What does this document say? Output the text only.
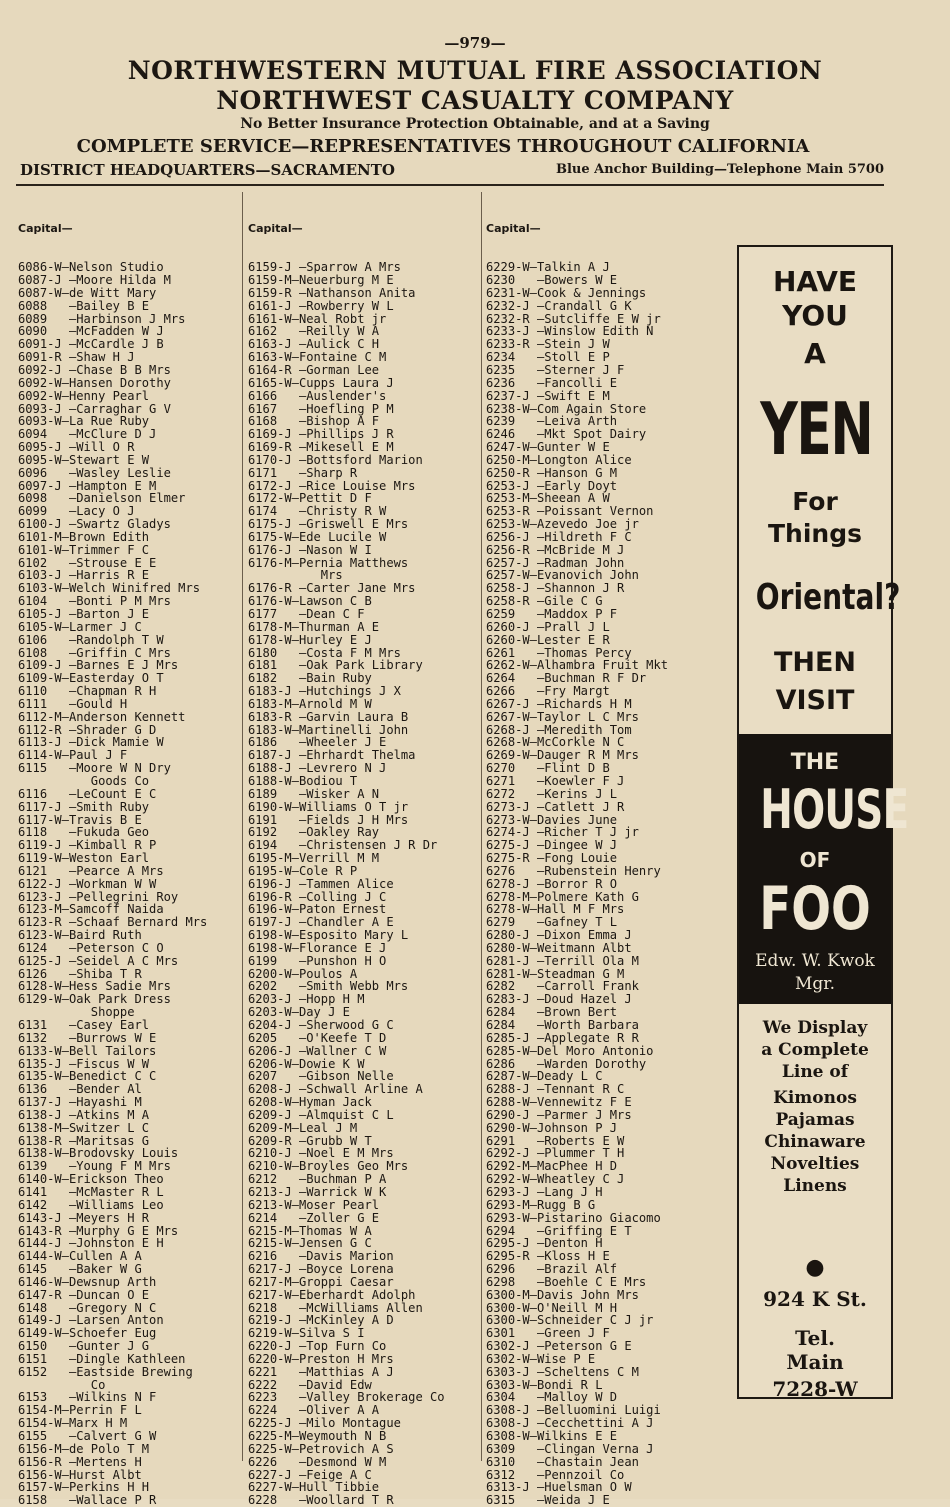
—979—
NORTHWESTERN MUTUAL FIRE ASSOCIATION
NORTHWEST CASUALTY COMPANY
No Better Insurance Protection Obtainable, and at a Saving
COMPLETE SERVICE—REPRESENTATIVES THROUGHOUT CALIFORNIA
DISTRICT HEADQUARTERS—SACRAMENTO	Blue Anchor Building—Telephone Main 5700

Capital—

6086-W—Nelson Studio
6087-J —Moore Hilda M
6087-W—de Witt Mary
6088   —Bailey B E
6089   —Harbinson J Mrs
6090   —McFadden W J
6091-J —McCardle J B
6091-R —Shaw H J
6092-J —Chase B B Mrs
6092-W—Hansen Dorothy
6092-W—Henny Pearl
6093-J —Carraghar G V
6093-W—La Rue Ruby
6094   —McClure D J
6095-J —Will O R
6095-W—Stewart E W
6096   —Wasley Leslie
6097-J —Hampton E M
6098   —Danielson Elmer
6099   —Lacy O J
6100-J —Swartz Gladys
6101-M—Brown Edith
6101-W—Trimmer F C
6102   —Strouse E E
6103-J —Harris R E
6103-W—Welch Winifred Mrs
6104   —Bonti P M Mrs
6105-J —Barton J E
6105-W—Larmer J C
6106   —Randolph T W
6108   —Griffin C Mrs
6109-J —Barnes E J Mrs
6109-W—Easterday O T
6110   —Chapman R H
6111   —Gould H
6112-M—Anderson Kennett
6112-R —Shrader G D
6113-J —Dick Mamie W
6114-W—Paul J F
6115   —Moore W N Dry
Goods Co
6116   —LeCount E C
6117-J —Smith Ruby
6117-W—Travis B E
6118   —Fukuda Geo
6119-J —Kimball R P
6119-W—Weston Earl
6121   —Pearce A Mrs
6122-J —Workman W W
6123-J —Pellegrini Roy
6123-M—Samcoff Naida
6123-R —Schaaf Bernard Mrs
6123-W—Baird Ruth
6124   —Peterson C O
6125-J —Seidel A C Mrs
6126   —Shiba T R
6128-W—Hess Sadie Mrs
6129-W—Oak Park Dress
Shoppe
6131   —Casey Earl
6132   —Burrows W E
6133-W—Bell Tailors
6135-J —Fiscus W W
6135-W—Benedict C C
6136   —Bender Al
6137-J —Hayashi M
6138-J —Atkins M A
6138-M—Switzer L C
6138-R —Maritsas G
6138-W—Brodovsky Louis
6139   —Young F M Mrs
6140-W—Erickson Theo
6141   —McMaster R L
6142   —Williams Leo
6143-J —Meyers H R
6143-R —Murphy G E Mrs
6144-J —Johnston E H
6144-W—Cullen A A
6145   —Baker W G
6146-W—Dewsnup Arth
6147-R —Duncan O E
6148   —Gregory N C
6149-J —Larsen Anton
6149-W—Schoefer Eug
6150   —Gunter J G
6151   —Dingle Kathleen
6152   —Eastside Brewing
Co
6153   —Wilkins N F
6154-M—Perrin F L
6154-W—Marx H M
6155   —Calvert G W
6156-M—de Polo T M
6156-R —Mertens H
6156-W—Hurst Albt
6157-W—Perkins H H
6158   —Wallace P R

Capital—

6159-J —Sparrow A Mrs
6159-M—Neuerburg M E
6159-R —Nathanson Anita
6161-J —Rowberry W L
6161-W—Neal Robt jr
6162   —Reilly W A
6163-J —Aulick C H
6163-W—Fontaine C M
6164-R —Gorman Lee
6165-W—Cupps Laura J
6166   —Auslender's
6167   —Hoefling P M
6168   —Bishop A F
6169-J —Phillips J R
6169-R —Mikesell E M
6170-J —Bottsford Marion
6171   —Sharp R
6172-J —Rice Louise Mrs
6172-W—Pettit D F
6174   —Christy R W
6175-J —Griswell E Mrs
6175-W—Ede Lucile W
6176-J —Nason W I
6176-M—Pernia Matthews
Mrs
6176-R —Carter Jane Mrs
6176-W—Lawson C B
6177   —Dean C F
6178-M—Thurman A E
6178-W—Hurley E J
6180   —Costa F M Mrs
6181   —Oak Park Library
6182   —Bain Ruby
6183-J —Hutchings J X
6183-M—Arnold M W
6183-R —Garvin Laura B
6183-W—Martinelli John
6186   —Wheeler J E
6187-J —Ehrhardt Thelma
6188-J —Levrero N J
6188-W—Bodiou T
6189   —Wisker A N
6190-W—Williams O T jr
6191   —Fields J H Mrs
6192   —Oakley Ray
6194   —Christensen J R Dr
6195-M—Verrill M M
6195-W—Cole R P
6196-J —Tammen Alice
6196-R —Colling J C
6196-W—Paton Ernest
6197-J —Chandler A E
6198-W—Esposito Mary L
6198-W—Florance E J
6199   —Punshon H O
6200-W—Poulos A
6202   —Smith Webb Mrs
6203-J —Hopp H M
6203-W—Day J E
6204-J —Sherwood G C
6205   —O'Keefe T D
6206-J —Wallner C W
6206-W—Dowie K W
6207   —Gibson Nelle
6208-J —Schwall Arline A
6208-W—Hyman Jack
6209-J —Almquist C L
6209-M—Leal J M
6209-R —Grubb W T
6210-J —Noel E M Mrs
6210-W—Broyles Geo Mrs
6212   —Buchman P A
6213-J —Warrick W K
6213-W—Moser Pearl
6214   —Zoller G E
6215-M—Thomas W A
6215-W—Jensen G C
6216   —Davis Marion
6217-J —Boyce Lorena
6217-M—Groppi Caesar
6217-W—Eberhardt Adolph
6218   —McWilliams Allen
6219-J —McKinley A D
6219-W—Silva S I
6220-J —Top Furn Co
6220-W—Preston H Mrs
6221   —Matthias A J
6222   —David Edw
6223   —Valley Brokerage Co
6224   —Oliver A A
6225-J —Milo Montague
6225-M—Weymouth N B
6225-W—Petrovich A S
6226   —Desmond W M
6227-J —Feige A C
6227-W—Hull Tibbie
6228   —Woollard T R

Capital—

6229-W—Talkin A J
6230   —Bowers W E
6231-W—Cook & Jennings
6232-J —Crandall G K
6232-R —Sutcliffe E W jr
6233-J —Winslow Edith N
6233-R —Stein J W
6234   —Stoll E P
6235   —Sterner J F
6236   —Fancolli E
6237-J —Swift E M
6238-W—Com Again Store
6239   —Leiva Arth
6246   —Mkt Spot Dairy
6247-W—Gunter W E
6250-M—Longton Alice
6250-R —Hanson G M
6253-J —Early Doyt
6253-M—Sheean A W
6253-R —Poissant Vernon
6253-W—Azevedo Joe jr
6256-J —Hildreth F C
6256-R —McBride M J
6257-J —Radman John
6257-W—Evanovich John
6258-J —Shannon J R
6258-R —Gile C G
6259   —Maddox P F
6260-J —Prall J L
6260-W—Lester E R
6261   —Thomas Percy
6262-W—Alhambra Fruit Mkt
6264   —Buchman R F Dr
6266   —Fry Margt
6267-J —Richards H M
6267-W—Taylor L C Mrs
6268-J —Meredith Tom
6268-W—McCorkle N C
6269-W—Dauger R M Mrs
6270   —Flint D B
6271   —Koewler F J
6272   —Kerins J L
6273-J —Catlett J R
6273-W—Davies June
6274-J —Richer T J jr
6275-J —Dingee W J
6275-R —Fong Louie
6276   —Rubenstein Henry
6278-J —Borror R O
6278-M—Polmere Kath G
6278-W—Hall M F Mrs
6279   —Gafney T L
6280-J —Dixon Emma J
6280-W—Weitmann Albt
6281-J —Terrill Ola M
6281-W—Steadman G M
6282   —Carroll Frank
6283-J —Doud Hazel J
6284   —Brown Bert
6284   —Worth Barbara
6285-J —Applegate R R
6285-W—Del Moro Antonio
6286   —Warden Dorothy
6287-W—Deady L C
6288-J —Tennant R C
6288-W—Vennewitz F E
6290-J —Parmer J Mrs
6290-W—Johnson P J
6291   —Roberts E W
6292-J —Plummer T H
6292-M—MacPhee H D
6292-W—Wheatley C J
6293-J —Lang J H
6293-M—Rugg B G
6293-W—Pistarino Giacomo
6294   —Griffing E T
6295-J —Denton H
6295-R —Kloss H E
6296   —Brazil Alf
6298   —Boehle C E Mrs
6300-M—Davis John Mrs
6300-W—O'Neill M H
6300-W—Schneider C J jr
6301   —Green J F
6302-J —Peterson G E
6302-W—Wise P E
6303-J —Scheltens C M
6303-W—Bondi R L
6304   —Malloy W D
6308-J —Belluomini Luigi
6308-J —Cecchettini A J
6308-W—Wilkins E E
6309   —Clingan Verna J
6310   —Chastain Jean
6312   —Pennzoil Co
6313-J —Huelsman O W
6315   —Weida J E
HAVE
YOU
A
YEN
For
Things
Oriental?
THEN
VISIT
THE
HOUSE
OF
FOO
Edw. W. Kwok
Mgr.
We Display
a Complete
Line of
Kimonos
Pajamas
Chinaware
Novelties
Linens
●
924 K St.
Tel.
Main
7228-W
